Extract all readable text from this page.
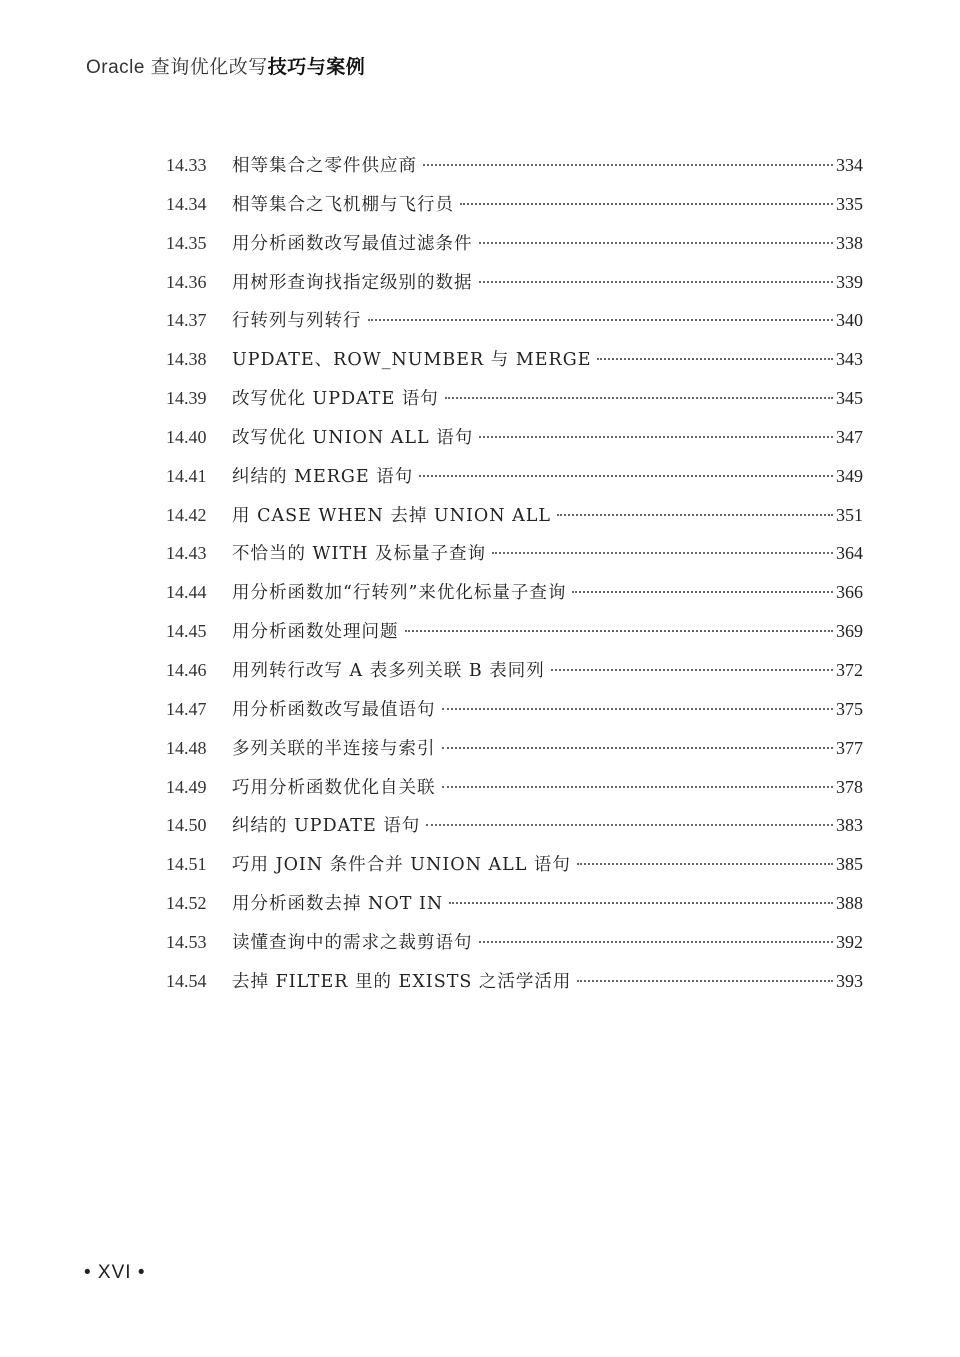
Oracle 查询优化改写技巧与案例
14.33	相等集合之零件供应商	334
14.34	相等集合之飞机棚与飞行员	335
14.35	用分析函数改写最值过滤条件	338
14.36	用树形查询找指定级别的数据	339
14.37	行转列与列转行	340
14.38	UPDATE、ROW_NUMBER 与 MERGE	343
14.39	改写优化 UPDATE 语句	345
14.40	改写优化 UNION ALL 语句	347
14.41	纠结的 MERGE 语句	349
14.42	用 CASE WHEN 去掉 UNION ALL	351
14.43	不恰当的 WITH 及标量子查询	364
14.44	用分析函数加“行转列”来优化标量子查询	366
14.45	用分析函数处理问题	369
14.46	用列转行改写 A 表多列关联 B 表同列	372
14.47	用分析函数改写最值语句	375
14.48	多列关联的半连接与索引	377
14.49	巧用分析函数优化自关联	378
14.50	纠结的 UPDATE 语句	383
14.51	巧用 JOIN 条件合并 UNION ALL 语句	385
14.52	用分析函数去掉 NOT IN	388
14.53	读懂查询中的需求之裁剪语句	392
14.54	去掉 FILTER 里的 EXISTS 之活学活用	393
• XVI •
